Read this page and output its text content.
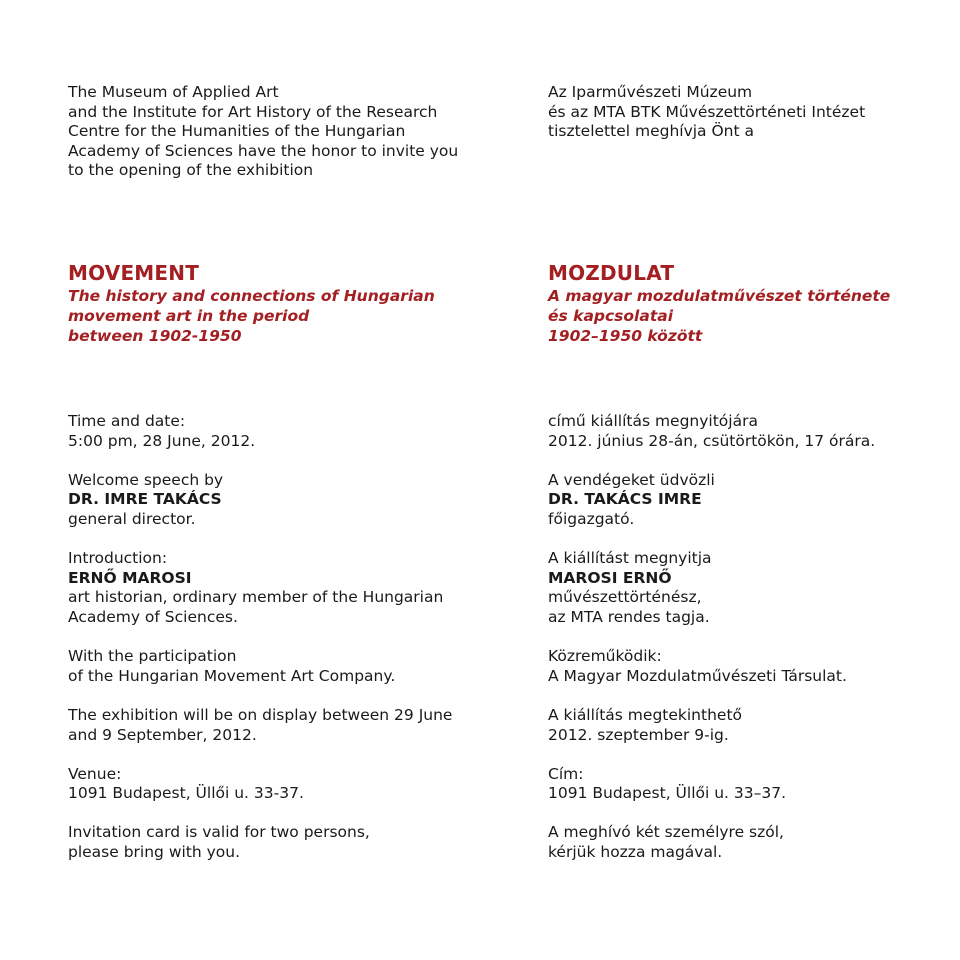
The Museum of Applied Art
and the Institute for Art History of the Research
Centre for the Humanities of the Hungarian
Academy of Sciences have the honor to invite you
to the opening of the exhibition
MOVEMENT
The history and connections of Hungarian
movement art in the period
between 1902-1950
Time and date:
5:00 pm, 28 June, 2012.
Welcome speech by
DR. IMRE TAKÁCS
general director.
Introduction:
ERNŐ MAROSI
art historian, ordinary member of the Hungarian
Academy of Sciences.
With the participation
of the Hungarian Movement Art Company.
The exhibition will be on display between 29 June
and 9 September, 2012.
Venue:
1091 Budapest, Üllői u. 33-37.
Invitation card is valid for two persons,
please bring with you.
Az Iparművészeti Múzeum
és az MTA BTK Művészettörténeti Intézet
tisztelettel meghívja Önt a
MOZDULAT
A magyar mozdulatművészet története
és kapcsolatai
1902–1950 között
című kiállítás megnyitójára
2012. június 28-án, csütörtökön, 17 órára.
A vendégeket üdvözli
DR. TAKÁCS IMRE
főigazgató.
A kiállítást megnyitja
MAROSI ERNŐ
művészettörténész,
az MTA rendes tagja.
Közreműködik:
A Magyar Mozdulatművészeti Társulat.
A kiállítás megtekinthető
2012. szeptember 9-ig.
Cím:
1091 Budapest, Üllői u. 33–37.
A meghívó két személyre szól,
kérjük hozza magával.
